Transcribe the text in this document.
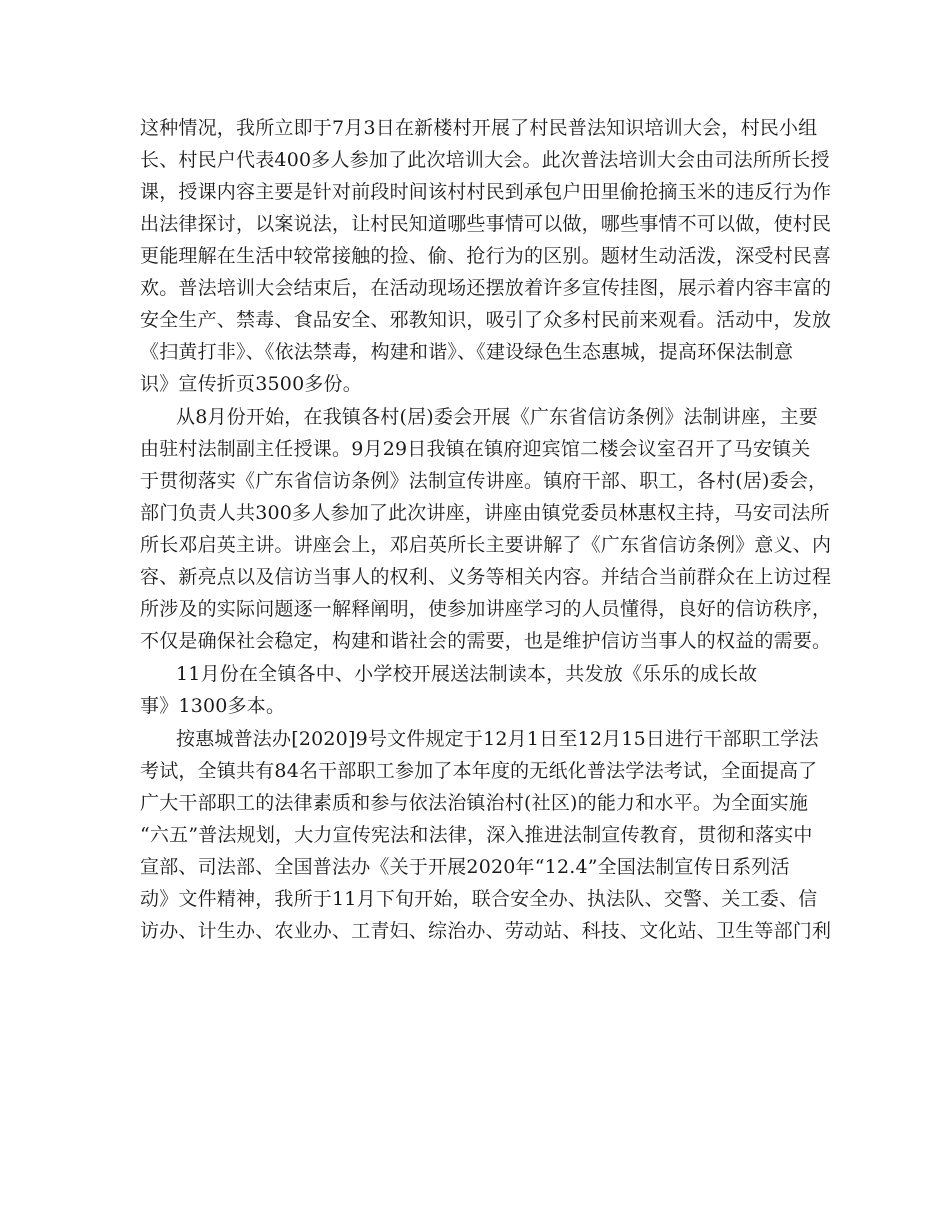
这种情况，我所立即于7月3日在新楼村开展了村民普法知识培训大会，村民小组
长、村民户代表400多人参加了此次培训大会。此次普法培训大会由司法所所长授
课，授课内容主要是针对前段时间该村村民到承包户田里偷抢摘玉米的违反行为作
出法律探讨，以案说法，让村民知道哪些事情可以做，哪些事情不可以做，使村民
更能理解在生活中较常接触的捡、偷、抢行为的区别。题材生动活泼，深受村民喜
欢。普法培训大会结束后，在活动现场还摆放着许多宣传挂图，展示着内容丰富的
安全生产、禁毒、食品安全、邪教知识，吸引了众多村民前来观看。活动中，发放
《扫黄打非》、《依法禁毒，构建和谐》、《建设绿色生态惠城，提高环保法制意
识》宣传折页3500多份。
从8月份开始，在我镇各村(居)委会开展《广东省信访条例》法制讲座，主要
由驻村法制副主任授课。9月29日我镇在镇府迎宾馆二楼会议室召开了马安镇关
于贯彻落实《广东省信访条例》法制宣传讲座。镇府干部、职工，各村(居)委会，
部门负责人共300多人参加了此次讲座，讲座由镇党委员林惠权主持，马安司法所
所长邓启英主讲。讲座会上，邓启英所长主要讲解了《广东省信访条例》意义、内
容、新亮点以及信访当事人的权利、义务等相关内容。并结合当前群众在上访过程
所涉及的实际问题逐一解释阐明，使参加讲座学习的人员懂得，良好的信访秩序，
不仅是确保社会稳定，构建和谐社会的需要，也是维护信访当事人的权益的需要。
11月份在全镇各中、小学校开展送法制读本，共发放《乐乐的成长故
事》1300多本。
按惠城普法办[2020]9号文件规定于12月1日至12月15日进行干部职工学法
考试，全镇共有84名干部职工参加了本年度的无纸化普法学法考试，全面提高了
广大干部职工的法律素质和参与依法治镇治村(社区)的能力和水平。为全面实施
“六五”普法规划，大力宣传宪法和法律，深入推进法制宣传教育，贯彻和落实中
宣部、司法部、全国普法办《关于开展2020年“12.4”全国法制宣传日系列活
动》文件精神，我所于11月下旬开始，联合安全办、执法队、交警、关工委、信
访办、计生办、农业办、工青妇、综治办、劳动站、科技、文化站、卫生等部门利
